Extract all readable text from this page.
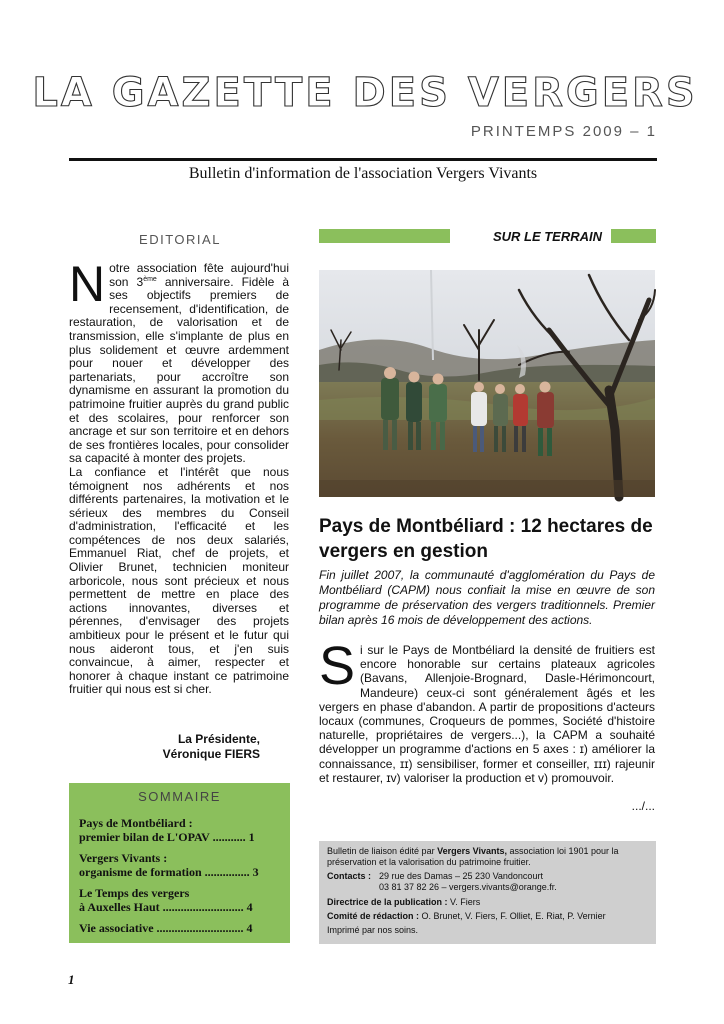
LA GAZETTE DES VERGERS
PRINTEMPS 2009 – 1
Bulletin d'information de l'association Vergers Vivants
EDITORIAL
Notre association fête aujourd'hui son 3ème anniversaire. Fidèle à ses objectifs premiers de recensement, d'identification, de restauration, de valorisation et de transmission, elle s'implante de plus en plus solidement et œuvre ardemment pour nouer et développer des partenariats, pour accroître son dynamisme en assurant la promotion du patrimoine fruitier auprès du grand public et des scolaires, pour renforcer son ancrage et sur son territoire et en dehors de ses frontières locales, pour consolider sa capacité à monter des projets.
La confiance et l'intérêt que nous témoignent nos adhérents et nos différents partenaires, la motivation et le sérieux des membres du Conseil d'administration, l'efficacité et les compétences de nos deux salariés, Emmanuel Riat, chef de projets, et Olivier Brunet, technicien moniteur arboricole, nous sont précieux et nous permettent de mettre en place des actions innovantes, diverses et pérennes, d'envisager des projets ambitieux pour le présent et le futur qui nous aideront tous, et j'en suis convaincue, à aimer, respecter et honorer à chaque instant ce patrimoine fruitier qui nous est si cher.
La Présidente,
Véronique FIERS
SOMMAIRE
Pays de Montbéliard :
premier bilan de L'OPAV ........... 1
Vergers Vivants :
organisme de formation ............... 3
Le Temps des vergers
à Auxelles Haut ........................... 4
Vie associative ............................. 4
SUR LE TERRAIN
Pays de Montbéliard : 12 hectares de vergers en gestion
Fin juillet 2007, la communauté d'agglomération du Pays de Montbéliard (CAPM) nous confiait la mise en œuvre de son programme de préservation des vergers traditionnels. Premier bilan après 16 mois de développement des actions.
Si sur le Pays de Montbéliard la densité de fruitiers est encore honorable sur certains plateaux agricoles (Bavans, Allenjoie-Brognard, Dasle-Hérimoncourt, Mandeure) ceux-ci sont généralement âgés et les vergers en phase d'abandon. A partir de propositions d'acteurs locaux (communes, Croqueurs de pommes, Société d'histoire naturelle, propriétaires de vergers...), la CAPM a souhaité développer un programme d'actions en 5 axes : ɪ) améliorer la connaissance, ɪɪ) sensibiliser, former et conseiller, ɪɪɪ) rajeunir et restaurer, ɪᴠ) valoriser la production et v) promouvoir.
.../...
Bulletin de liaison édité par Vergers Vivants, association loi 1901 pour la préservation et la valorisation du patrimoine fruitier.
Contacts : 29 rue des Damas – 25 230 Vandoncourt
03 81 37 82 26 – vergers.vivants@orange.fr.
Directrice de la publication : V. Fiers
Comité de rédaction : O. Brunet, V. Fiers, F. Olliet, E. Riat, P. Vernier
Imprimé par nos soins.
1
